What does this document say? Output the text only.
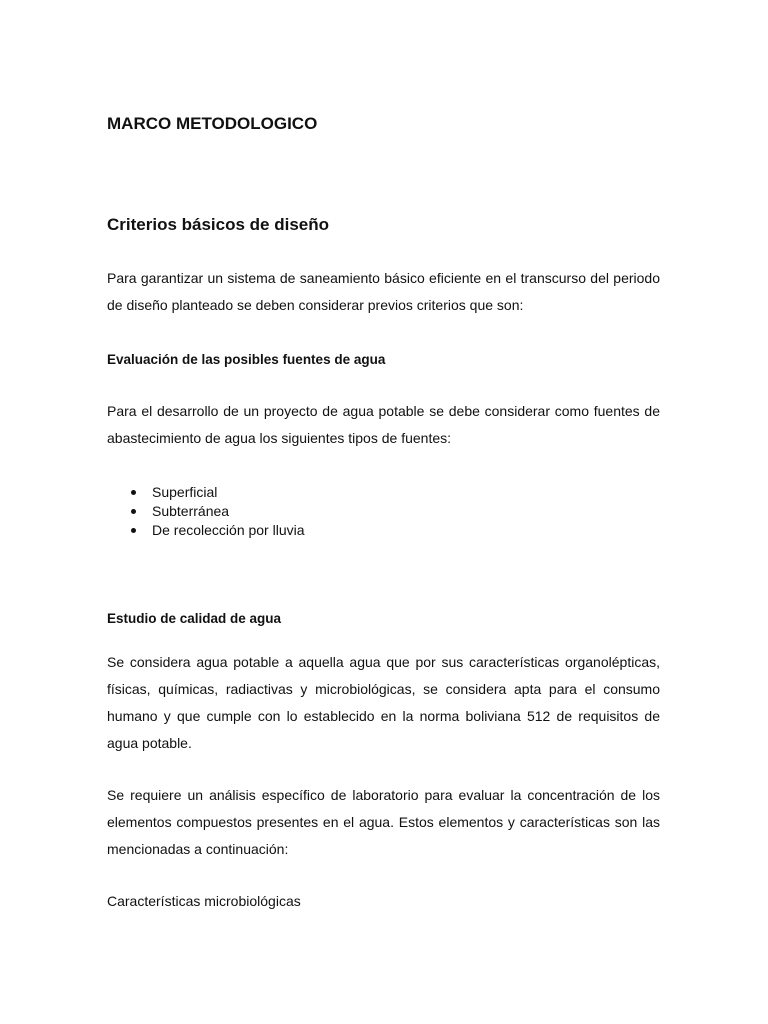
MARCO METODOLOGICO
Criterios básicos de diseño

Para garantizar un sistema de saneamiento básico eficiente en el transcurso del periodo de diseño planteado se deben considerar previos criterios que son:

Evaluación de las posibles fuentes de agua

Para el desarrollo de un proyecto de agua potable se debe considerar como fuentes de abastecimiento de agua los siguientes tipos de fuentes:

Superficial
Subterránea
De recolección por lluvia
Estudio de calidad de agua

Se considera agua potable a aquella agua que por sus características organolépticas, físicas, químicas, radiactivas y microbiológicas, se considera apta para el consumo humano y que cumple con lo establecido en la norma boliviana 512 de requisitos de agua potable.

Se requiere un análisis específico de laboratorio para evaluar la concentración de los elementos compuestos presentes en el agua. Estos elementos y características son las mencionadas a continuación:

Características microbiológicas
